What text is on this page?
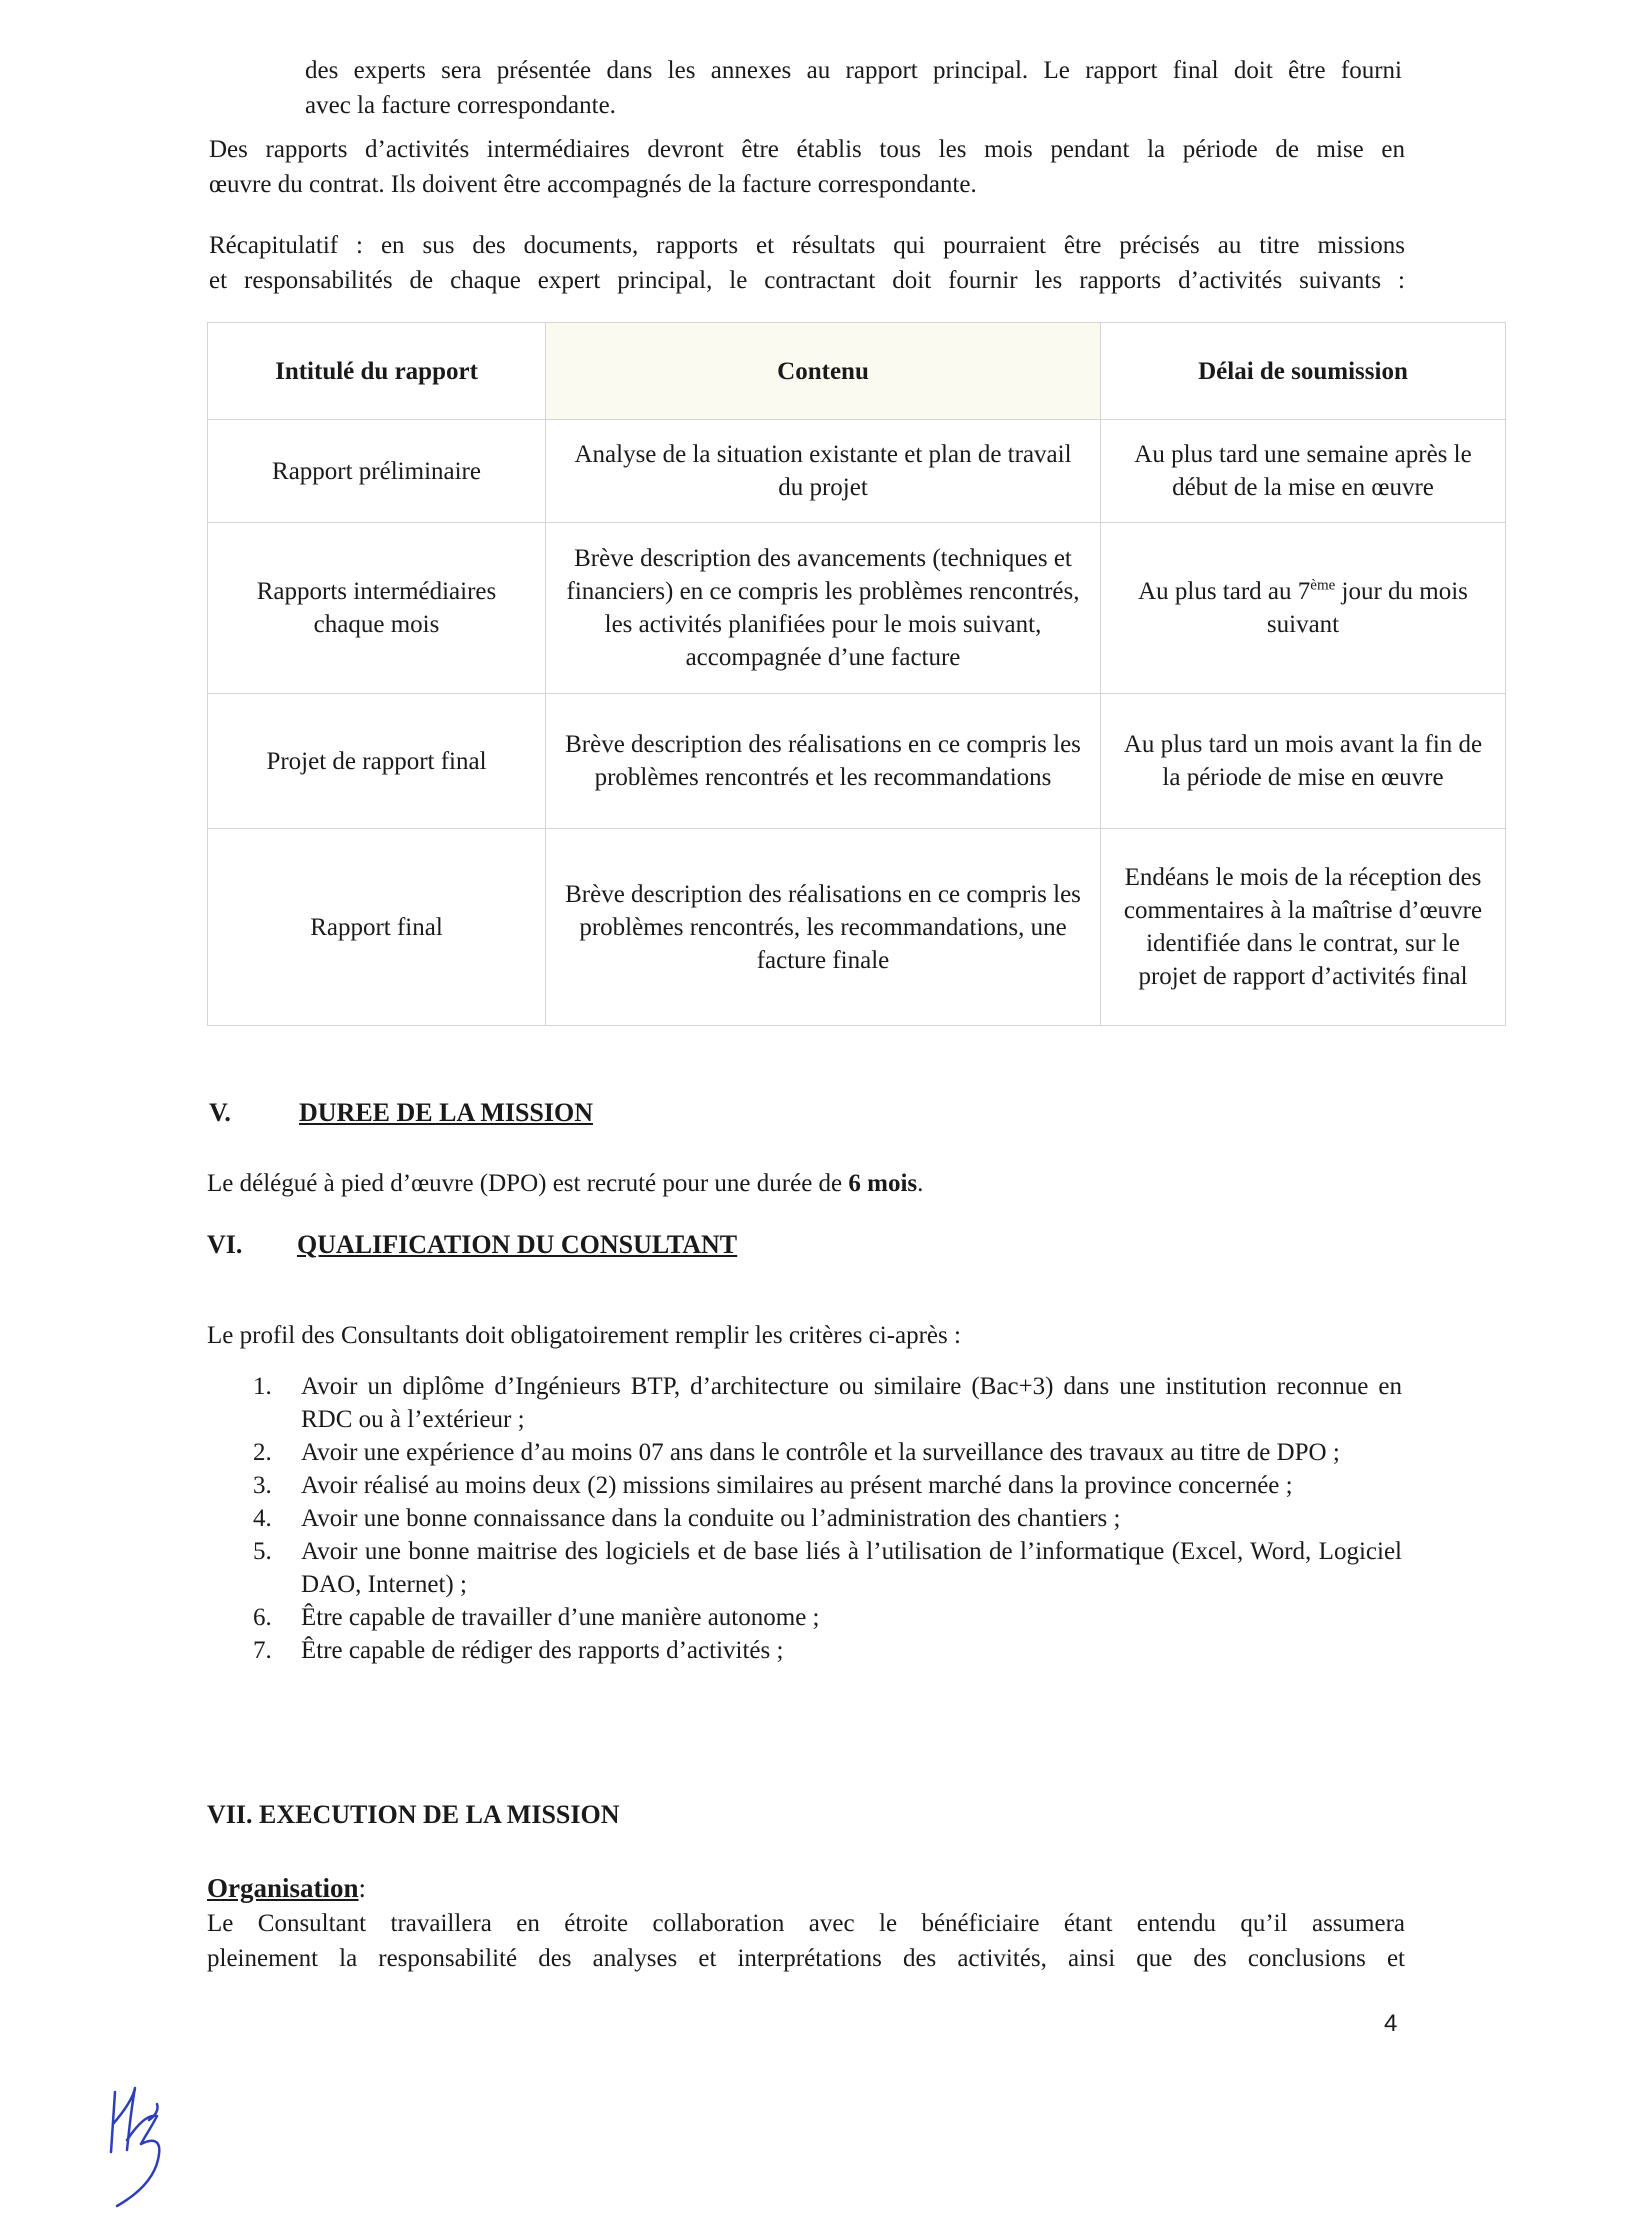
des experts sera présentée dans les annexes au rapport principal. Le rapport final doit être fourni
avec la facture correspondante.

Des rapports d’activités intermédiaires devront être établis tous les mois pendant la période de mise en
œuvre du contrat. Ils doivent être accompagnés de la facture correspondante.

Récapitulatif : en sus des documents, rapports et résultats qui pourraient être précisés au titre missions
et responsabilités de chaque expert principal, le contractant doit fournir les rapports d’activités suivants :

Intitulé du rapport	Contenu	Délai de soumission
Rapport préliminaire	Analyse de la situation existante et plan de travail du projet	Au plus tard une semaine après le début de la mise en œuvre
Rapports intermédiaires chaque mois	Brève description des avancements (techniques et financiers) en ce compris les problèmes rencontrés, les activités planifiées pour le mois suivant, accompagnée d’une facture	Au plus tard au 7ème jour du mois suivant
Projet de rapport final	Brève description des réalisations en ce compris les problèmes rencontrés et les recommandations	Au plus tard un mois avant la fin de la période de mise en œuvre
Rapport final	Brève description des réalisations en ce compris les problèmes rencontrés, les recommandations, une facture finale	Endéans le mois de la réception des commentaires à la maîtrise d’œuvre identifiée dans le contrat, sur le projet de rapport d’activités final
V.	DUREE DE LA MISSION

Le délégué à pied d’œuvre (DPO) est recruté pour une durée de 6 mois.

VI. QUALIFICATION DU CONSULTANT

Le profil des Consultants doit obligatoirement remplir les critères ci-après :

1. Avoir un diplôme d’Ingénieurs BTP, d’architecture ou similaire (Bac+3) dans une institution reconnue en RDC ou à l’extérieur ;
2. Avoir une expérience d’au moins 07 ans dans le contrôle et la surveillance des travaux au titre de DPO ;
3. Avoir réalisé au moins deux (2) missions similaires au présent marché dans la province concernée ;
4. Avoir une bonne connaissance dans la conduite ou l’administration des chantiers ;
5. Avoir une bonne maitrise des logiciels et de base liés à l’utilisation de l’informatique (Excel, Word, Logiciel DAO, Internet) ;
6. Être capable de travailler d’une manière autonome ;
7. Être capable de rédiger des rapports d’activités ;
VII. EXECUTION DE LA MISSION

Organisation:

Le Consultant travaillera en étroite collaboration avec le bénéficiaire étant entendu qu’il assumera
pleinement la responsabilité des analyses et interprétations des activités, ainsi que des conclusions et

4
